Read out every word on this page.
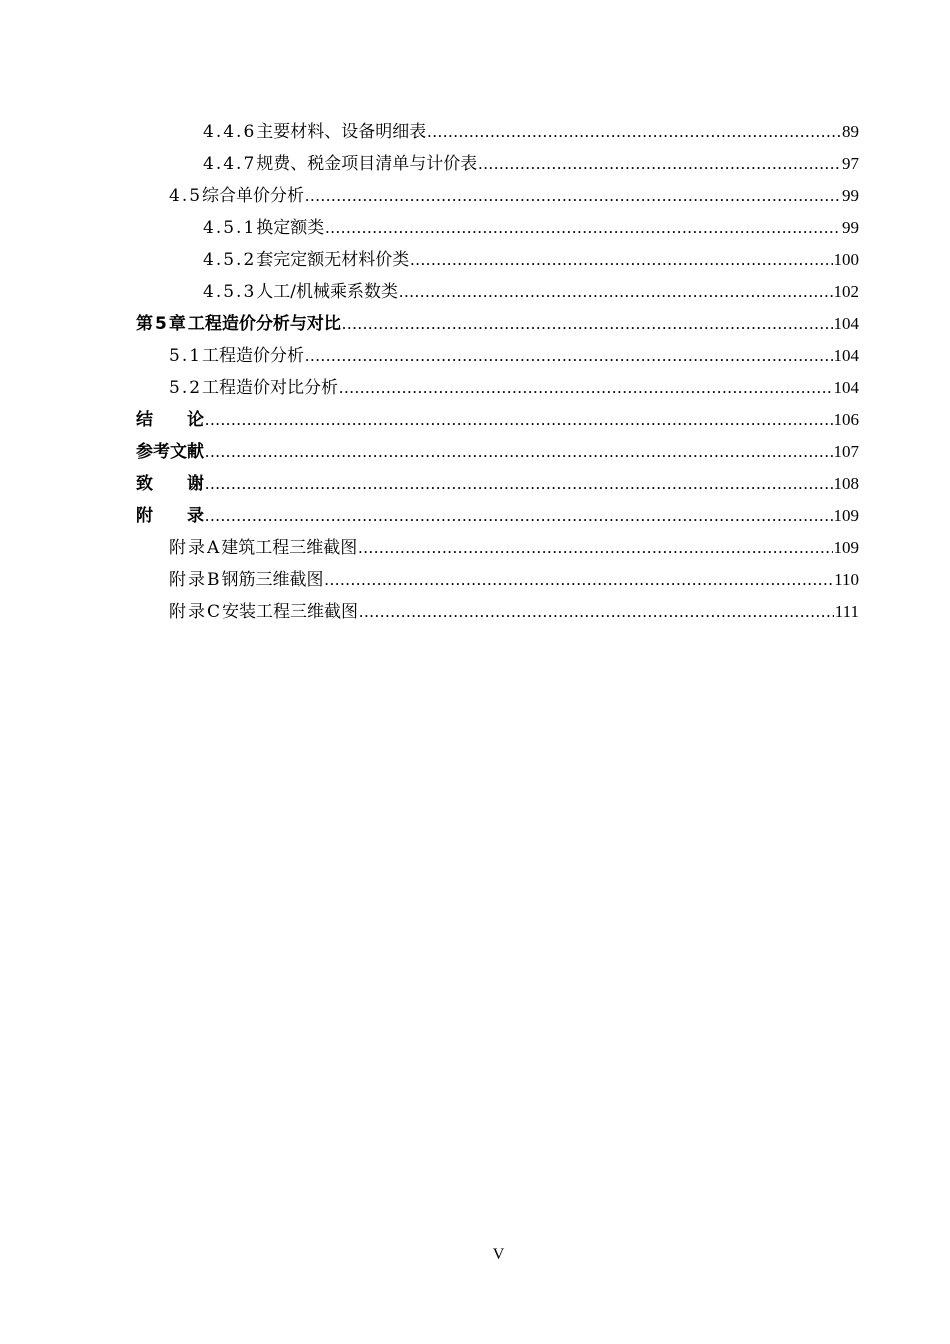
4.4.6 主要材料、设备明细表 .....	89
4.4.7 规费、税金项目清单与计价表 .....	97
4.5 综合单价分析 .....	99
4.5.1 换定额类 .....	99
4.5.2 套完定额无材料价类 .....	100
4.5.3 人工/机械乘系数类 .....	102
第5章 工程造价分析与对比 .....	104
5.1 工程造价分析 .....	104
5.2 工程造价对比分析 .....	104
结　　论 .....	106
参考文献 .....	107
致　　谢 .....	108
附　　录 .....	109
附录A 建筑工程三维截图 .....	109
附录B 钢筋三维截图 .....	110
附录C 安装工程三维截图 .....	111
V
